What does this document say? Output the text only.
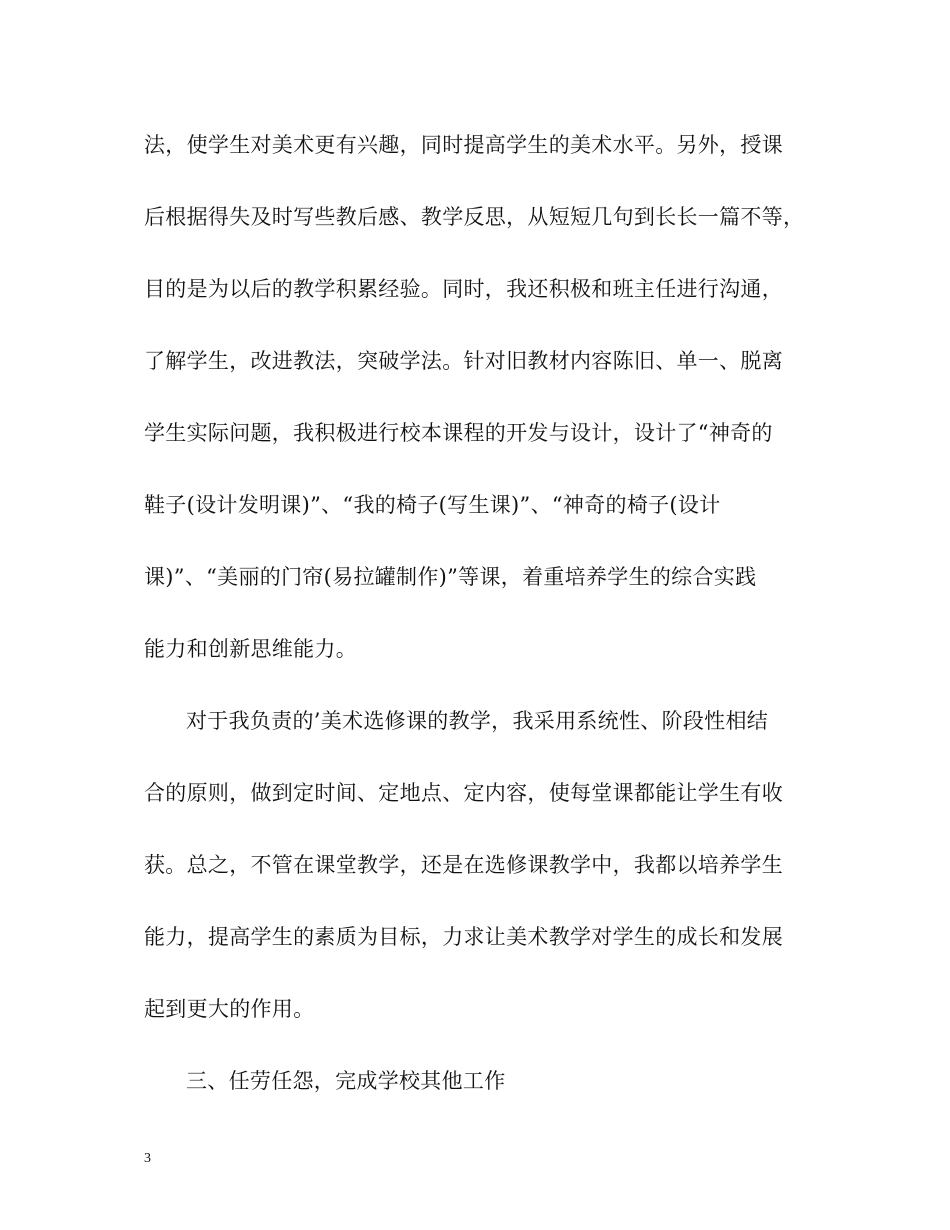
法，使学生对美术更有兴趣，同时提高学生的美术水平。另外，授课
后根据得失及时写些教后感、教学反思，从短短几句到长长一篇不等，
目的是为以后的教学积累经验。同时，我还积极和班主任进行沟通，
了解学生，改进教法，突破学法。针对旧教材内容陈旧、单一、脱离
学生实际问题，我积极进行校本课程的开发与设计，设计了“神奇的
鞋子(设计发明课)”、“我的椅子(写生课)”、“神奇的椅子(设计
课)”、“美丽的门帘(易拉罐制作)”等课，着重培养学生的综合实践
能力和创新思维能力。
对于我负责的’美术选修课的教学，我采用系统性、阶段性相结
合的原则，做到定时间、定地点、定内容，使每堂课都能让学生有收
获。总之，不管在课堂教学，还是在选修课教学中，我都以培养学生
能力，提高学生的素质为目标，力求让美术教学对学生的成长和发展
起到更大的作用。
三、任劳任怨，完成学校其他工作
3
